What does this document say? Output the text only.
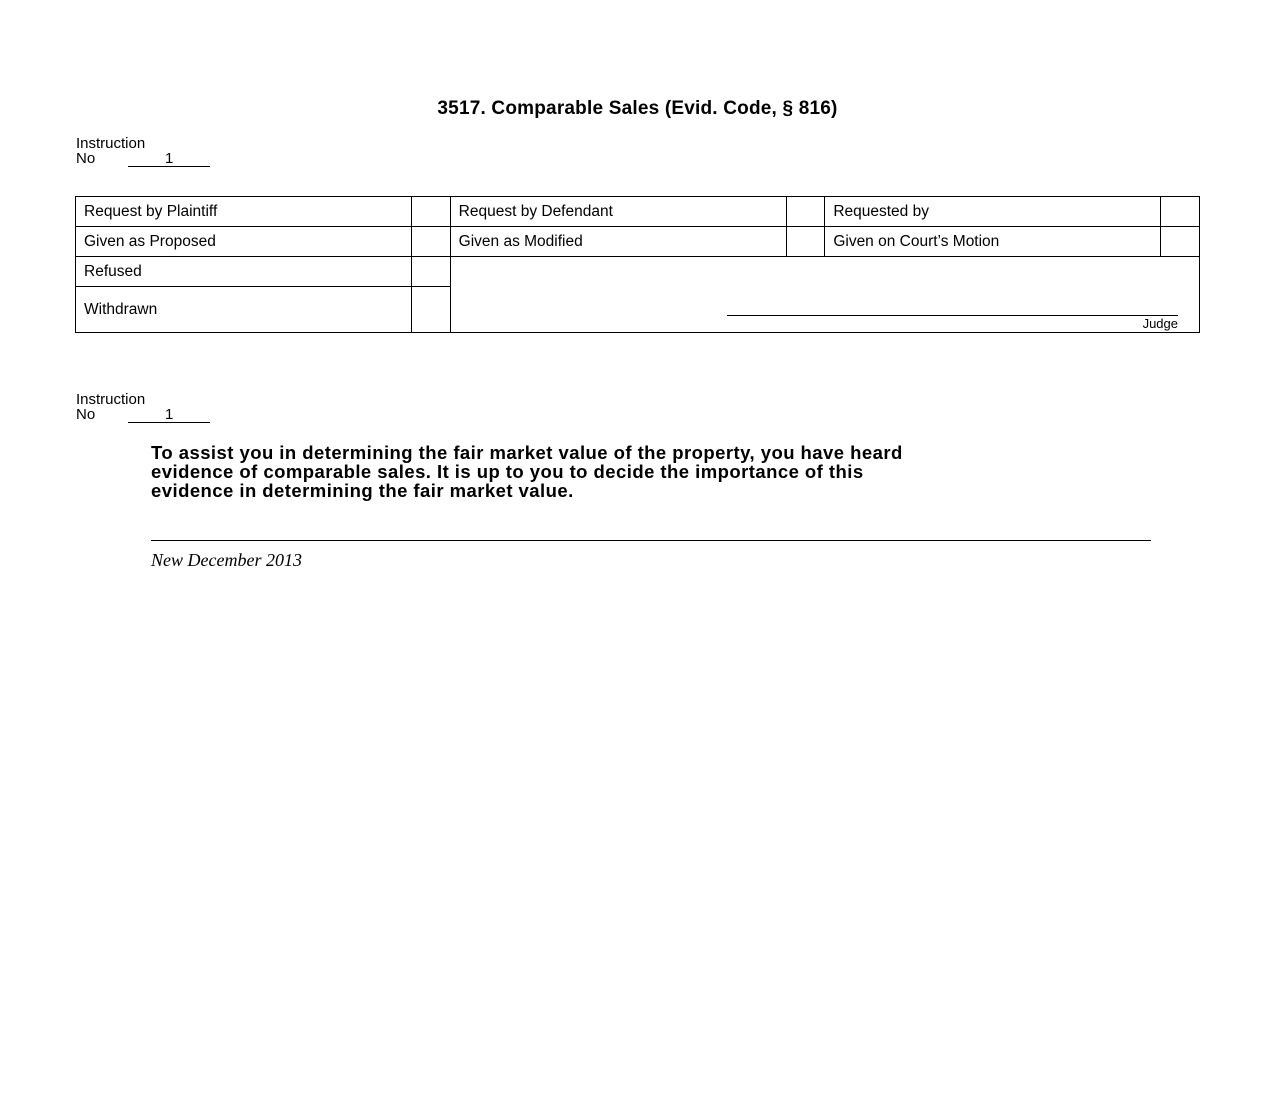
3517. Comparable Sales (Evid. Code, § 816)
Instruction
No	1
Request by Plaintiff		Request by Defendant		Requested by	
Given as Proposed		Given as Modified		Given on Court’s Motion	
Refused		Judge			

Withdrawn					
Instruction
No	1

To assist you in determining the fair market value of the property, you have heard

evidence of comparable sales. It is up to you to decide the importance of this

evidence in determining the fair market value.

New December 2013
